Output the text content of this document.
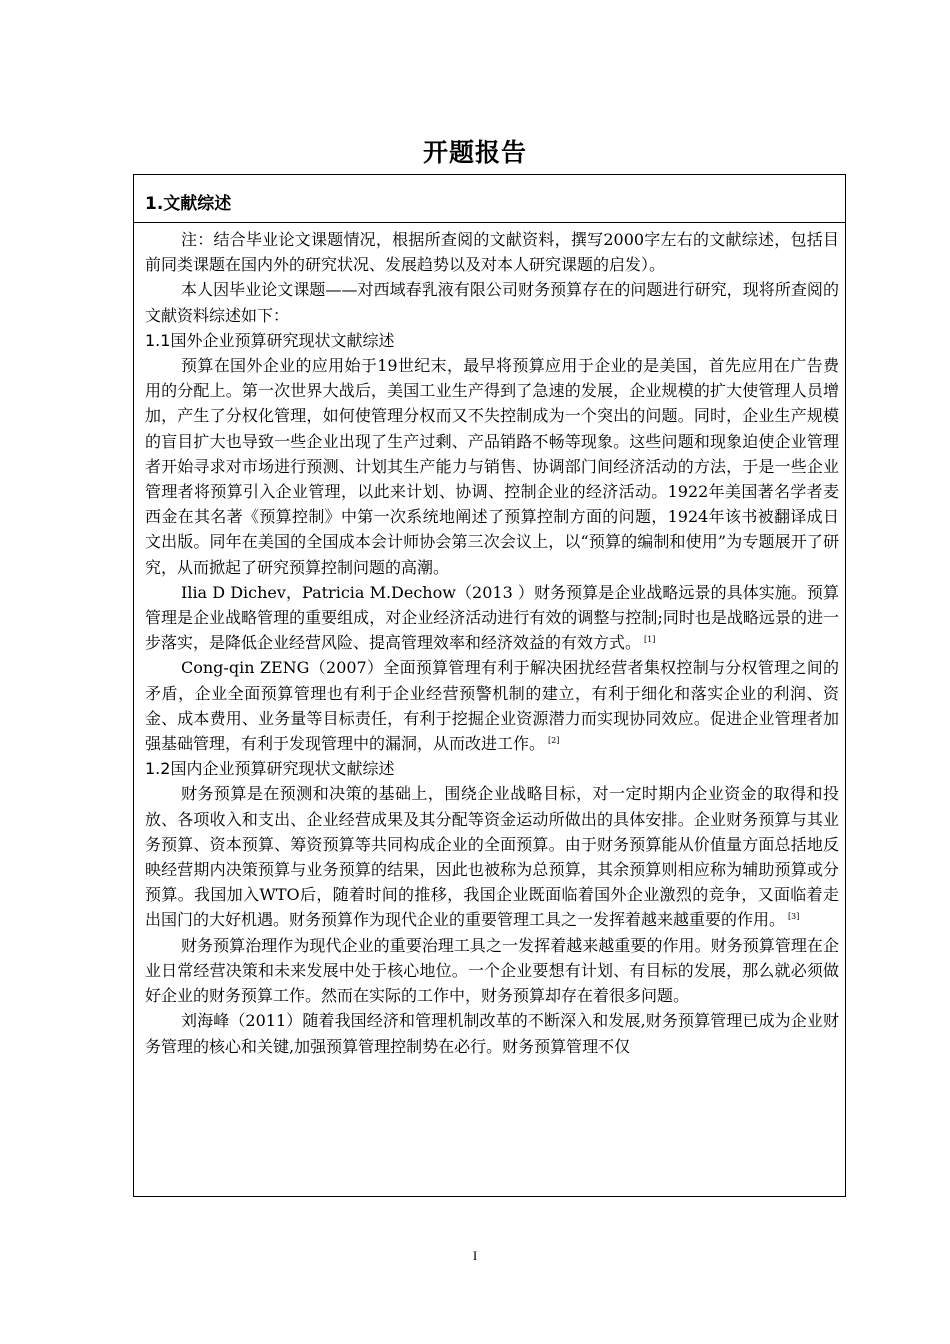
开题报告
1.文献综述

注：结合毕业论文课题情况，根据所查阅的文献资料，撰写2000字左右的文献综述，包括目前同类课题在国内外的研究状况、发展趋势以及对本人研究课题的启发）。

本人因毕业论文课题——对西域春乳液有限公司财务预算存在的问题进行研究，现将所查阅的文献资料综述如下：

1.1国外企业预算研究现状文献综述

预算在国外企业的应用始于19世纪末，最早将预算应用于企业的是美国，首先应用在广告费用的分配上。第一次世界大战后，美国工业生产得到了急速的发展，企业规模的扩大使管理人员增加，产生了分权化管理，如何使管理分权而又不失控制成为一个突出的问题。同时，企业生产规模的盲目扩大也导致一些企业出现了生产过剩、产品销路不畅等现象。这些问题和现象迫使企业管理者开始寻求对市场进行预测、计划其生产能力与销售、协调部门间经济活动的方法，于是一些企业管理者将预算引入企业管理，以此来计划、协调、控制企业的经济活动。1922年美国著名学者麦西金在其名著《预算控制》中第一次系统地阐述了预算控制方面的问题，1924年该书被翻译成日文出版。同年在美国的全国成本会计师协会第三次会议上，以“预算的编制和使用”为专题展开了研究，从而掀起了研究预算控制问题的高潮。

Ilia D Dichev，Patricia M.Dechow（2013 ）财务预算是企业战略远景的具体实施。预算管理是企业战略管理的重要组成，对企业经济活动进行有效的调整与控制;同时也是战略远景的进一步落实，是降低企业经营风险、提高管理效率和经济效益的有效方式。 [1]

Cong-qin ZENG（2007）全面预算管理有利于解决困扰经营者集权控制与分权管理之间的矛盾，企业全面预算管理也有利于企业经营预警机制的建立，有利于细化和落实企业的利润、资金、成本费用、业务量等目标责任，有利于挖掘企业资源潜力而实现协同效应。促进企业管理者加强基础管理，有利于发现管理中的漏洞，从而改进工作。 [2]

1.2国内企业预算研究现状文献综述

财务预算是在预测和决策的基础上，围绕企业战略目标，对一定时期内企业资金的取得和投放、各项收入和支出、企业经营成果及其分配等资金运动所做出的具体安排。企业财务预算与其业务预算、资本预算、筹资预算等共同构成企业的全面预算。由于财务预算能从价值量方面总括地反映经营期内决策预算与业务预算的结果，因此也被称为总预算，其余预算则相应称为辅助预算或分预算。我国加入WTO后，随着时间的推移，我国企业既面临着国外企业激烈的竞争，又面临着走出国门的大好机遇。财务预算作为现代企业的重要管理工具之一发挥着越来越重要的作用。 [3]

财务预算治理作为现代企业的重要治理工具之一发挥着越来越重要的作用。财务预算管理在企业日常经营决策和未来发展中处于核心地位。一个企业要想有计划、有目标的发展，那么就必须做好企业的财务预算工作。然而在实际的工作中，财务预算却存在着很多问题。

刘海峰（2011）随着我国经济和管理机制改革的不断深入和发展,财务预算管理已成为企业财务管理的核心和关键,加强预算管理控制势在必行。财务预算管理不仅

I
